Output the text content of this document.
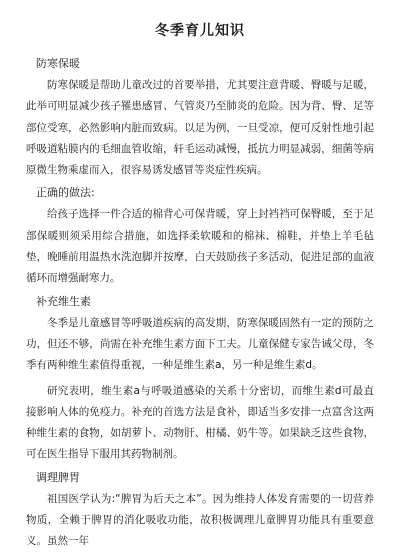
冬季育儿知识
防寒保暖

防寒保暖是帮助儿童改过的首要举措，尤其要注意背暖、臀暖与足暖，此举可明显减少孩子罹患感冒、气管炎乃至肺炎的危险。因为背、臀、足等部位受寒，必然影响内脏而致病。以足为例，一旦受凉，便可反射性地引起呼吸道粘膜内的毛细血管收缩，轩毛运动减慢，抵抗力明显减弱，细菌等病原微生物乘虚而入，很容易诱发感冒等炎症性疾病。

正确的做法:

给孩子选择一件合适的棉背心可保背暖，穿上封裆裆可保臀暖，至于足部保暖则须采用综合措施，如选择柔软暖和的棉袜、棉鞋，并垫上羊毛毡垫，晚睡前用温热水洗泡脚并按摩，白天鼓励孩子多活动，促进足部的血液循环而增强耐寒力。

补充维生素

冬季是儿童感冒等呼吸道疾病的高发期，防寒保暖固然有一定的预防之功，但还不够，尚需在补充维生素方面下工夫。儿童保健专家告诫父母，冬季有两种维生素值得重视，一种是维生素a，另一种是维生素d。

研究表明，维生素a与呼吸道感染的关系十分密切，而维生素d可最直接影响人体的免疫力。补充的首选方法是食补，即适当多安排一点富含这两种维生素的食物，如胡萝卜、动物肝、柑橘、奶牛等。如果缺乏这些食物，可在医生指导下服用其药物制剂。

调理脾胃

祖国医学认为:“脾胃为后天之本”。因为维持人体发育需要的一切营养物质，全赖于脾胃的消化吸收功能，故积极调理儿童脾胃功能具有重要意义。虽然一年
